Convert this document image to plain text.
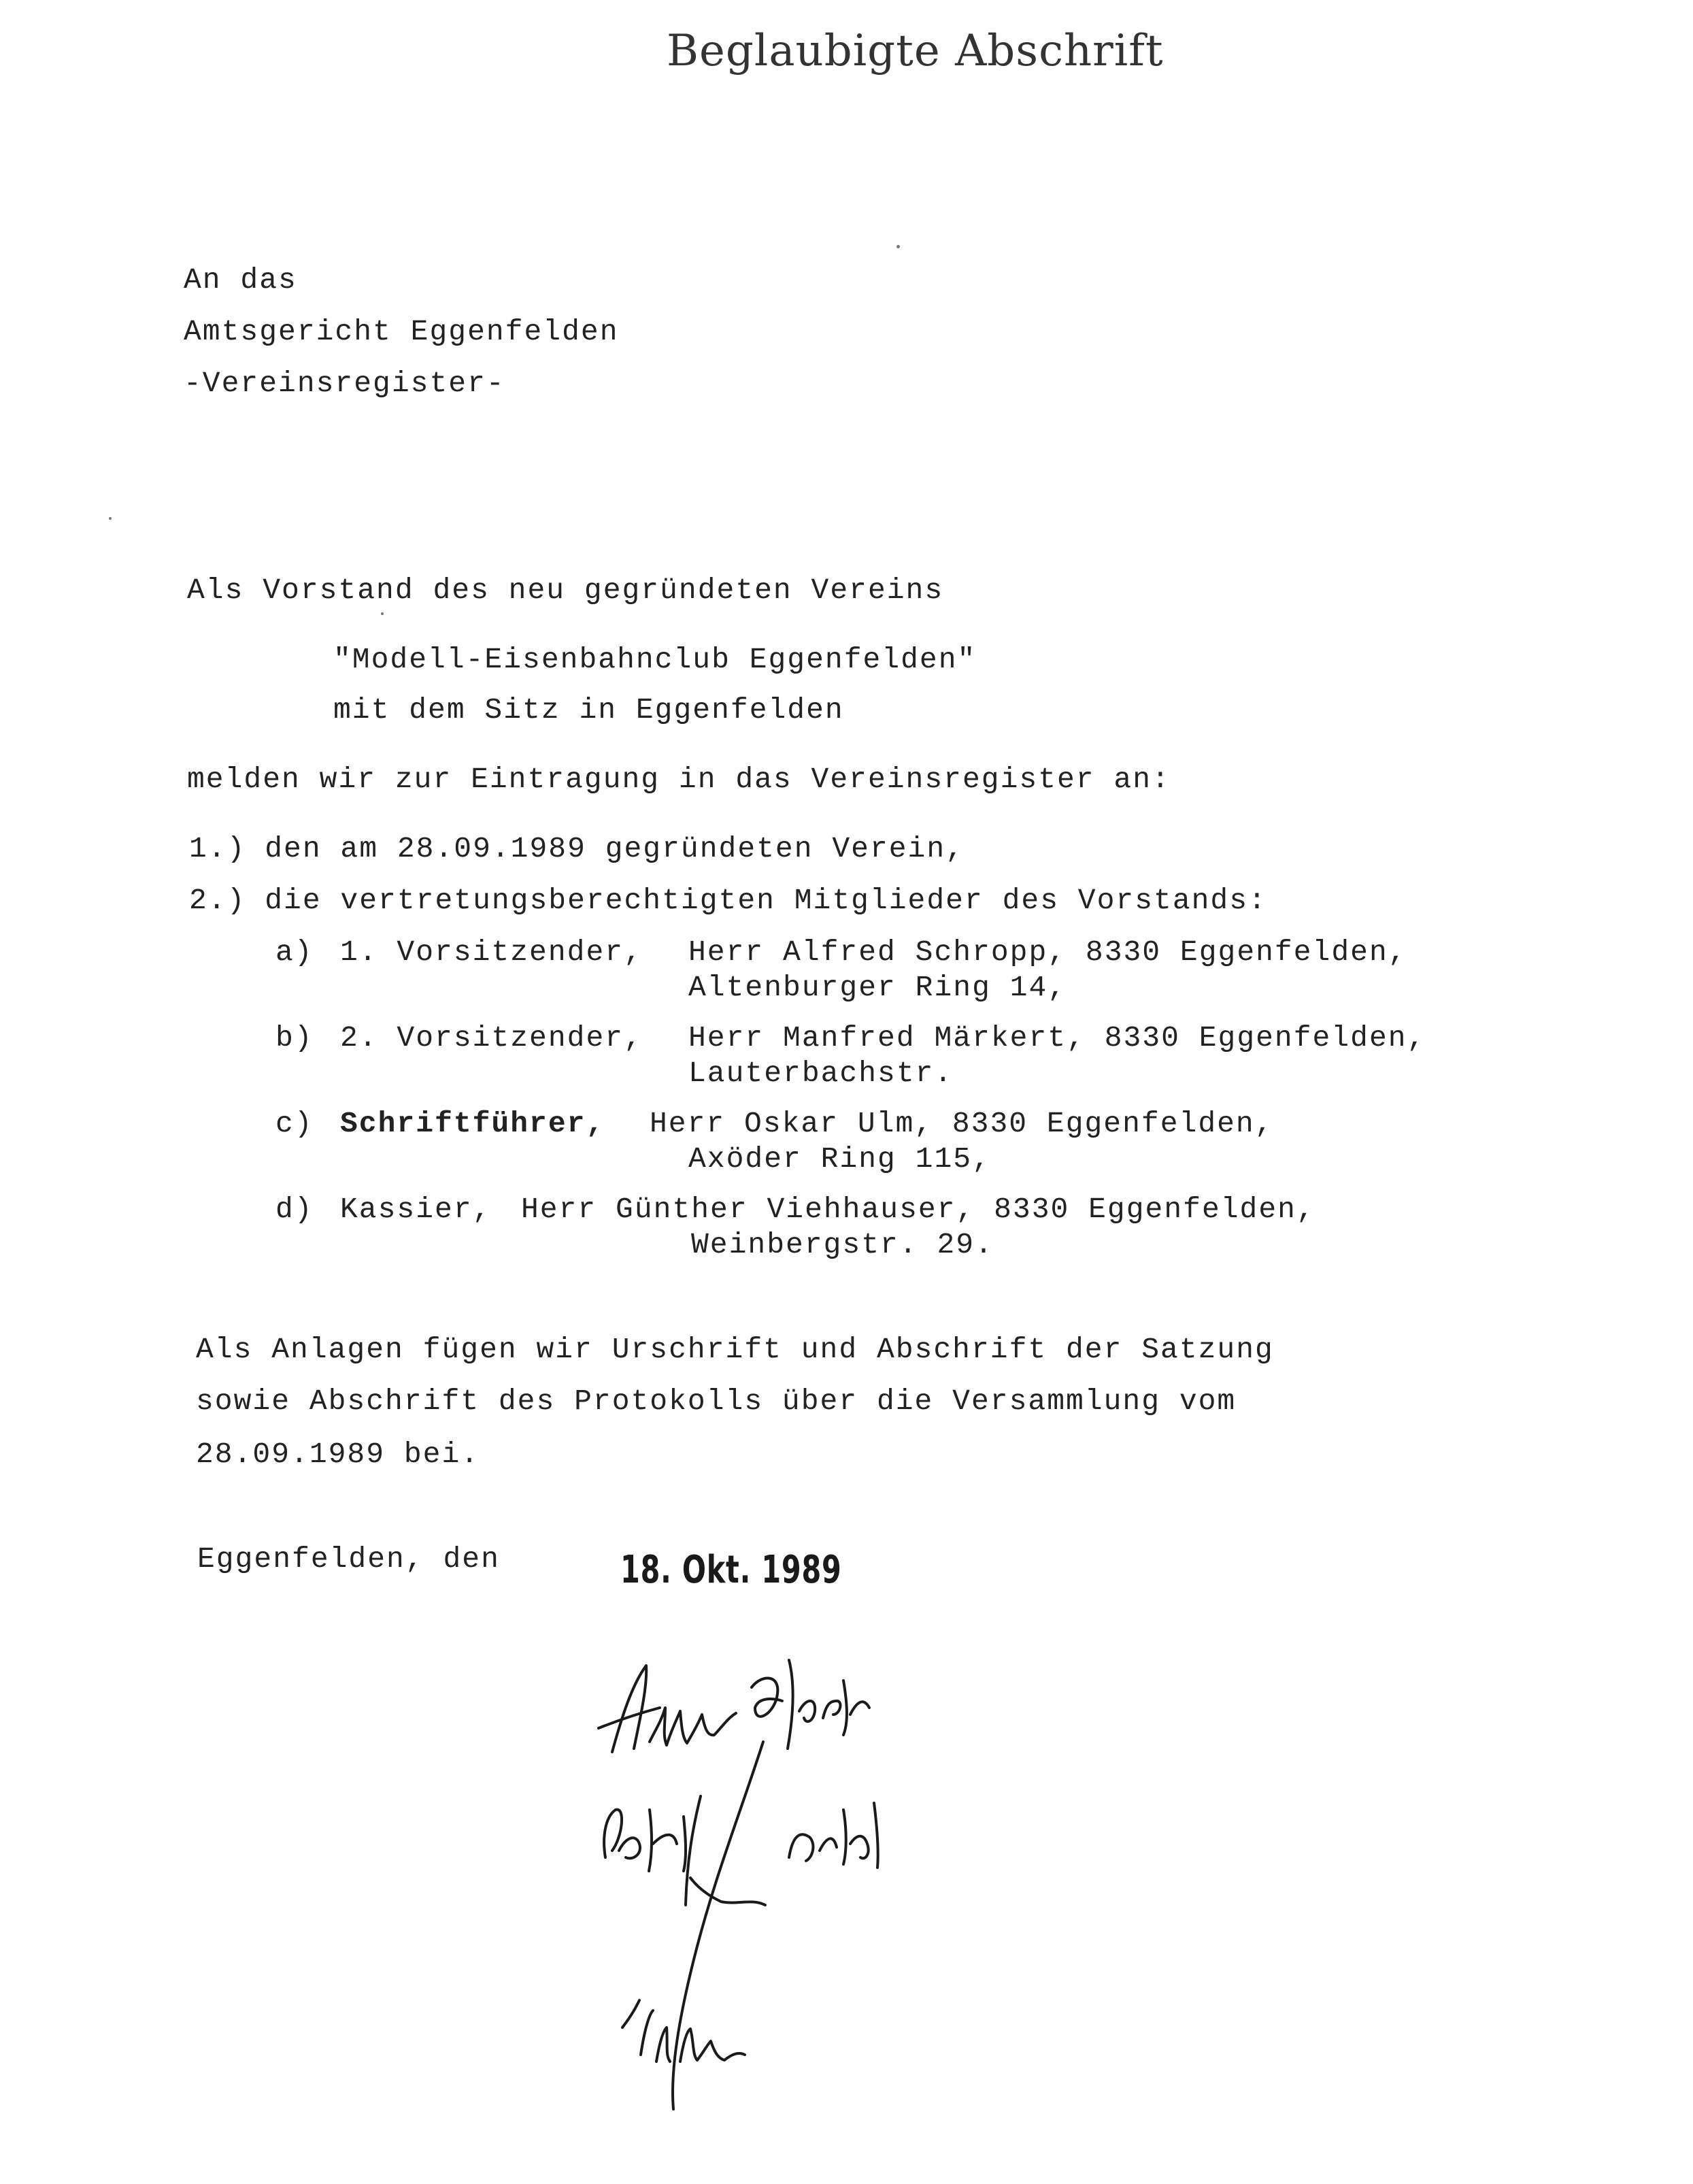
Beglaubigte Abschrift
An das
Amtsgericht Eggenfelden
-Vereinsregister-
Als Vorstand des neu gegründeten Vereins
"Modell-Eisenbahnclub Eggenfelden"
mit dem Sitz in Eggenfelden
melden wir zur Eintragung in das Vereinsregister an:
1.) den am 28.09.1989 gegründeten Verein,
2.) die vertretungsberechtigten Mitglieder des Vorstands:
a) 1. Vorsitzender, Herr Alfred Schropp, 8330 Eggenfelden,
Altenburger Ring 14,
b) 2. Vorsitzender, Herr Manfred Märkert, 8330 Eggenfelden,
Lauterbachstr.
c) Schriftführer, Herr Oskar Ulm, 8330 Eggenfelden,
Axöder Ring 115,
d) Kassier, Herr Günther Viehhauser, 8330 Eggenfelden,
Weinbergstr. 29.
Als Anlagen fügen wir Urschrift und Abschrift der Satzung
sowie Abschrift des Protokolls über die Versammlung vom
28.09.1989 bei.
Eggenfelden, den	18. Okt. 1989
